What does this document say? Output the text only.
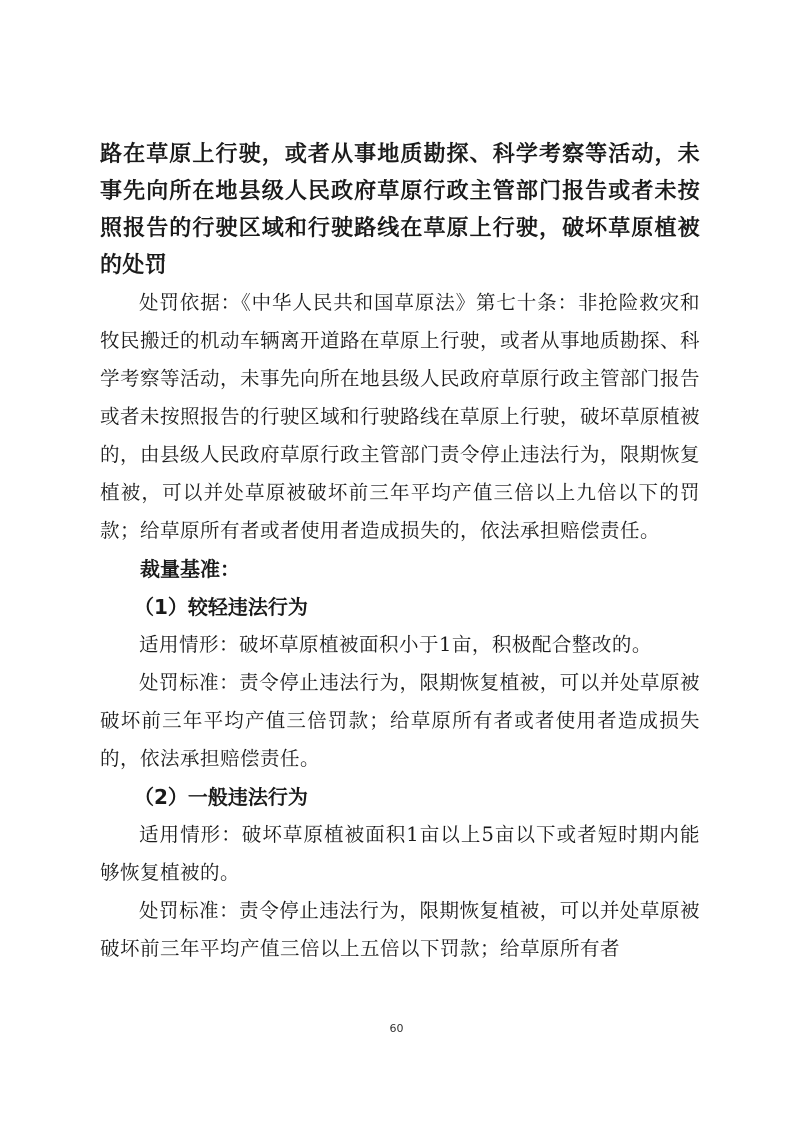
路在草原上行驶，或者从事地质勘探、科学考察等活动，未事先向所在地县级人民政府草原行政主管部门报告或者未按照报告的行驶区域和行驶路线在草原上行驶，破坏草原植被的处罚

处罚依据：《中华人民共和国草原法》第七十条：非抢险救灾和牧民搬迁的机动车辆离开道路在草原上行驶，或者从事地质勘探、科学考察等活动，未事先向所在地县级人民政府草原行政主管部门报告或者未按照报告的行驶区域和行驶路线在草原上行驶，破坏草原植被的，由县级人民政府草原行政主管部门责令停止违法行为，限期恢复植被，可以并处草原被破坏前三年平均产值三倍以上九倍以下的罚款；给草原所有者或者使用者造成损失的，依法承担赔偿责任。

裁量基准：

（1）较轻违法行为

适用情形：破坏草原植被面积小于1亩，积极配合整改的。

处罚标准：责令停止违法行为，限期恢复植被，可以并处草原被破坏前三年平均产值三倍罚款；给草原所有者或者使用者造成损失的，依法承担赔偿责任。

（2）一般违法行为

适用情形：破坏草原植被面积1亩以上5亩以下或者短时期内能够恢复植被的。

处罚标准：责令停止违法行为，限期恢复植被，可以并处草原被破坏前三年平均产值三倍以上五倍以下罚款；给草原所有者

60
